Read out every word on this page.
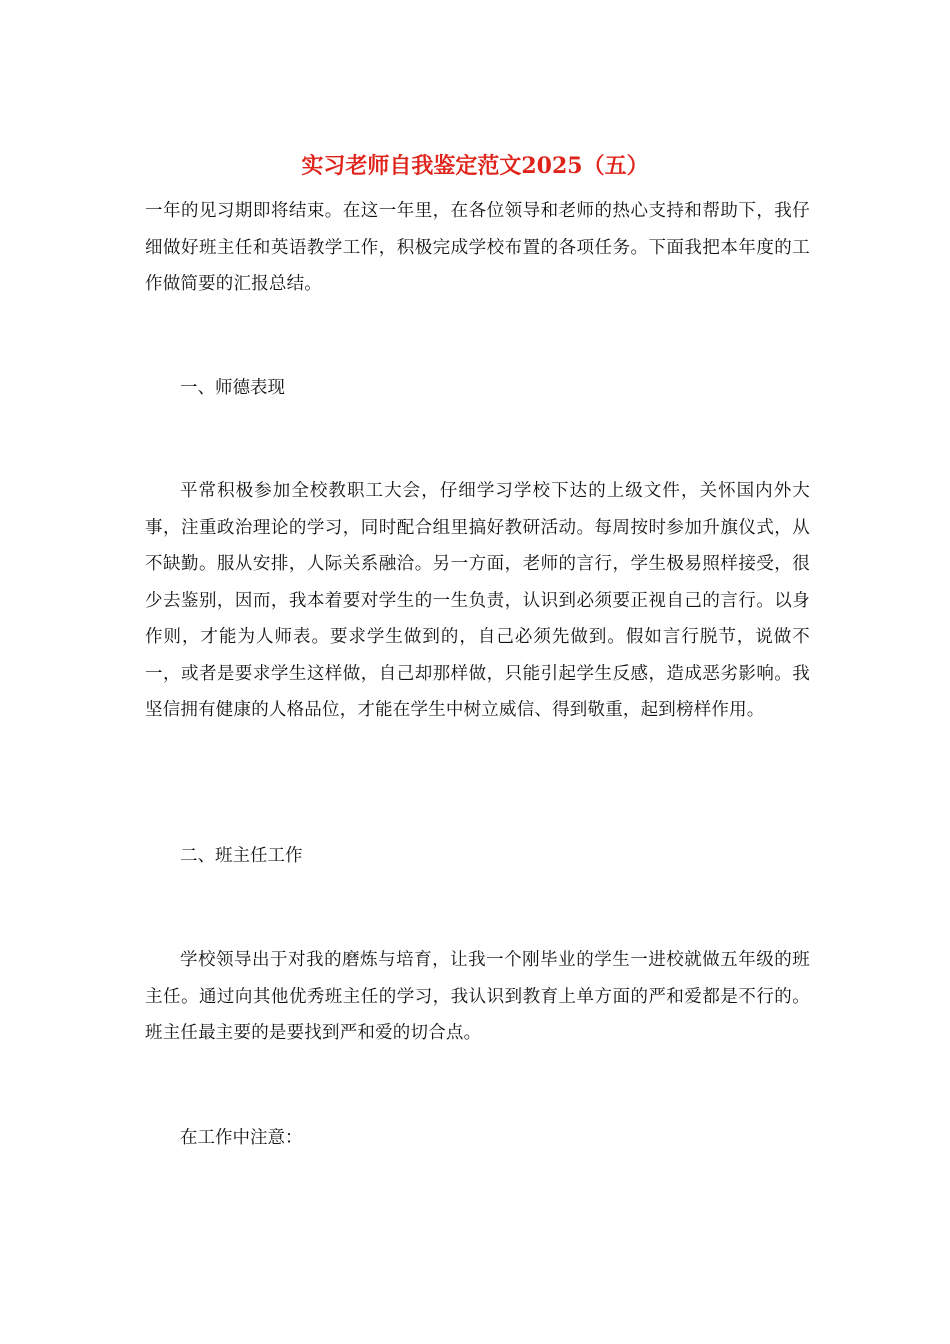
实习老师自我鉴定范文2025（五）

一年的见习期即将结束。在这一年里，在各位领导和老师的热心支持和帮助下，我仔细做好班主任和英语教学工作，积极完成学校布置的各项任务。下面我把本年度的工作做简要的汇报总结。

一、师德表现

平常积极参加全校教职工大会，仔细学习学校下达的上级文件，关怀国内外大事，注重政治理论的学习，同时配合组里搞好教研活动。每周按时参加升旗仪式，从不缺勤。服从安排，人际关系融洽。另一方面，老师的言行，学生极易照样接受，很少去鉴别，因而，我本着要对学生的一生负责，认识到必须要正视自己的言行。以身作则，才能为人师表。要求学生做到的，自己必须先做到。假如言行脱节，说做不一，或者是要求学生这样做，自己却那样做，只能引起学生反感，造成恶劣影响。我坚信拥有健康的人格品位，才能在学生中树立威信、得到敬重，起到榜样作用。

二、班主任工作

学校领导出于对我的磨炼与培育，让我一个刚毕业的学生一进校就做五年级的班主任。通过向其他优秀班主任的学习，我认识到教育上单方面的严和爱都是不行的。班主任最主要的是要找到严和爱的切合点。

在工作中注意：
